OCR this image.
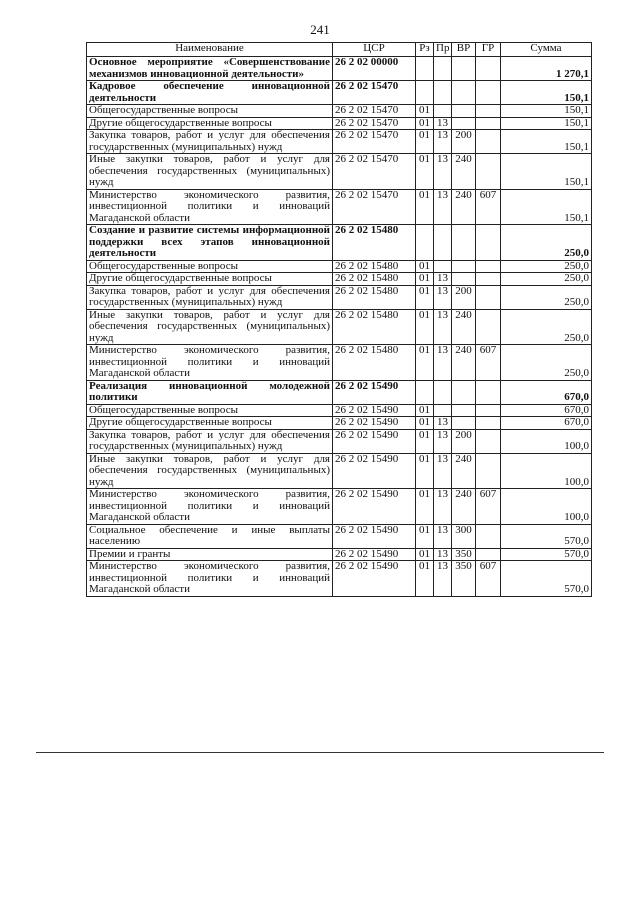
241
Наименование	ЦСР	Рз	Пр	ВР	ГР	Сумма
Основное мероприятие «Совершенствование механизмов инновационной деятельности»	26 2 02 00000					1 270,1
Кадровое обеспечение инновационной деятельности	26 2 02 15470					150,1
Общегосударственные вопросы	26 2 02 15470	01				150,1
Другие общегосударственные вопросы	26 2 02 15470	01	13			150,1
Закупка товаров, работ и услуг для обеспечения государственных (муниципальных) нужд	26 2 02 15470	01	13	200		150,1
Иные закупки товаров, работ и услуг для обеспечения государственных (муниципальных) нужд	26 2 02 15470	01	13	240		150,1
Министерство экономического развития, инвестиционной политики и инноваций Магаданской области	26 2 02 15470	01	13	240	607	150,1
Создание и развитие системы информационной поддержки всех этапов инновационной деятельности	26 2 02 15480					250,0
Общегосударственные вопросы	26 2 02 15480	01				250,0
Другие общегосударственные вопросы	26 2 02 15480	01	13			250,0
Закупка товаров, работ и услуг для обеспечения государственных (муниципальных) нужд	26 2 02 15480	01	13	200		250,0
Иные закупки товаров, работ и услуг для обеспечения государственных (муниципальных) нужд	26 2 02 15480	01	13	240		250,0
Министерство экономического развития, инвестиционной политики и инноваций Магаданской области	26 2 02 15480	01	13	240	607	250,0
Реализация инновационной молодежной политики	26 2 02 15490					670,0
Общегосударственные вопросы	26 2 02 15490	01				670,0
Другие общегосударственные вопросы	26 2 02 15490	01	13			670,0
Закупка товаров, работ и услуг для обеспечения государственных (муниципальных) нужд	26 2 02 15490	01	13	200		100,0
Иные закупки товаров, работ и услуг для обеспечения государственных (муниципальных) нужд	26 2 02 15490	01	13	240		100,0
Министерство экономического развития, инвестиционной политики и инноваций Магаданской области	26 2 02 15490	01	13	240	607	100,0
Социальное обеспечение и иные выплаты населению	26 2 02 15490	01	13	300		570,0
Премии и гранты	26 2 02 15490	01	13	350		570,0
Министерство экономического развития, инвестиционной политики и инноваций Магаданской области	26 2 02 15490	01	13	350	607	570,0
